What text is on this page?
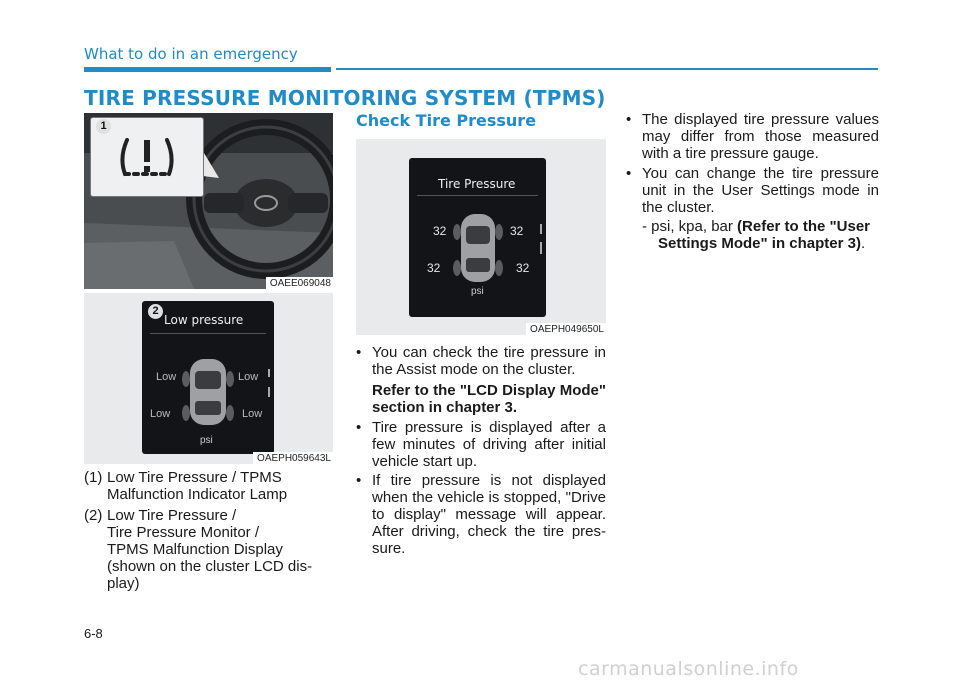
What to do in an emergency
TIRE PRESSURE MONITORING SYSTEM (TPMS)
1
OAEE069048
Low pressure
Low	Low
Low	Low
psi
2
OAEPH059643L
(1) Low Tire Pressure / TPMS
Malfunction Indicator Lamp
(2) Low Tire Pressure /
Tire Pressure Monitor /
TPMS Malfunction Display
(shown on the cluster LCD dis-
play)
Check Tire Pressure
Tire Pressure
32	32
32	32
psi
OAEPH049650L
• You can check the tire pressure in the Assist mode on the cluster.
Refer to the "LCD Display Mode" section in chapter 3.
• Tire pressure is displayed after a few minutes of driving after initial vehicle start up.
• If tire pressure is not displayed when the vehicle is stopped, "Drive to display" message will appear. After driving, check the tire pres- sure.
• The displayed tire pressure values may differ from those measured with a tire pressure gauge.
• You can change the tire pressure unit in the User Settings mode in the cluster.
- psi, kpa, bar (Refer to the "User Settings Mode" in chapter 3).
6-8
carmanualsonline.info
